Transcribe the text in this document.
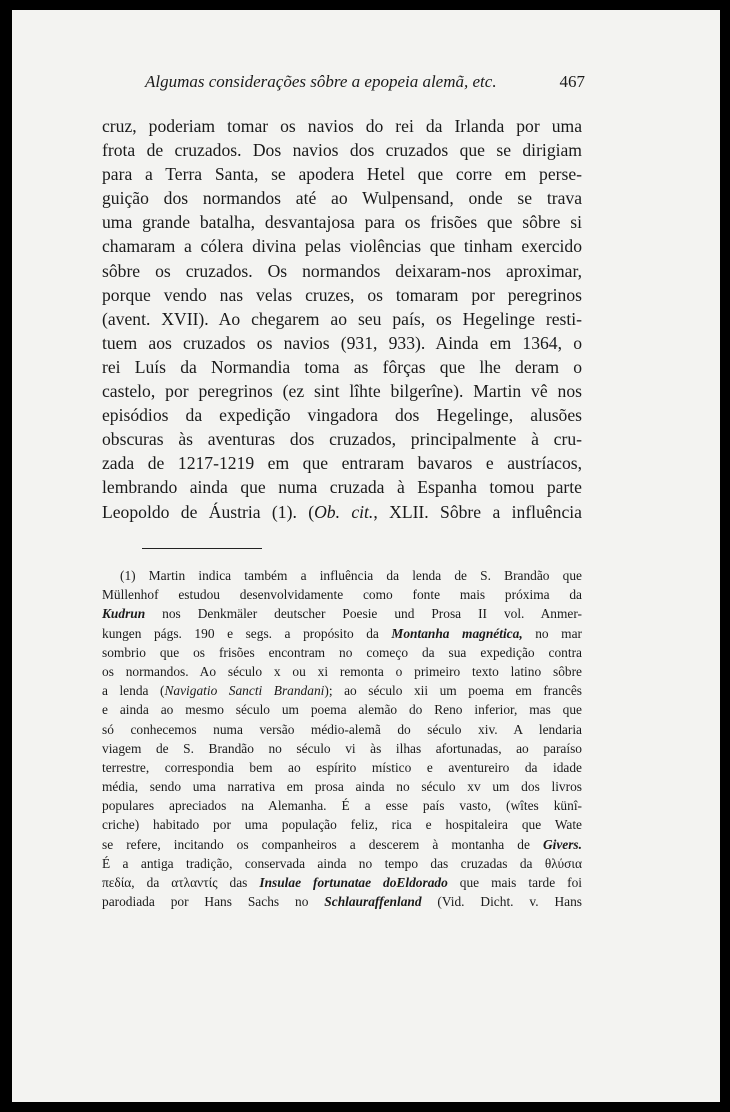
Algumas considerações sôbre a epopeia alemã, etc.	467
cruz, poderiam tomar os navios do rei da Irlanda por uma
frota de cruzados. Dos navios dos cruzados que se dirigiam
para a Terra Santa, se apodera Hetel que corre em perse-
guição dos normandos até ao Wulpensand, onde se trava
uma grande batalha, desvantajosa para os frisões que sôbre si
chamaram a cólera divina pelas violências que tinham exercido
sôbre os cruzados. Os normandos deixaram-nos aproximar,
porque vendo nas velas cruzes, os tomaram por peregrinos
(avent. XVII). Ao chegarem ao seu país, os Hegelinge resti-
tuem aos cruzados os navios (931, 933). Ainda em 1364, o
rei Luís da Normandia toma as fôrças que lhe deram o
castelo, por peregrinos (ez sint lîhte bilgerîne). Martin vê nos
episódios da expedição vingadora dos Hegelinge, alusões
obscuras às aventuras dos cruzados, principalmente à cru-
zada de 1217-1219 em que entraram bavaros e austríacos,
lembrando ainda que numa cruzada à Espanha tomou parte
Leopoldo de Áustria (1). (Ob. cit., XLII. Sôbre a influência
(1) Martin indica também a influência da lenda de S. Brandão que
Müllenhof estudou desenvolvidamente como fonte mais próxima da
Kudrun nos Denkmäler deutscher Poesie und Prosa II vol. Anmer-
kungen págs. 190 e segs. a propósito da Montanha magnética, no mar
sombrio que os frisões encontram no começo da sua expedição contra
os normandos. Ao século x ou xi remonta o primeiro texto latino sôbre
a lenda (Navigatio Sancti Brandani); ao século xii um poema em francês
e ainda ao mesmo século um poema alemão do Reno inferior, mas que
só conhecemos numa versão médio-alemã do século xiv. A lendaria
viagem de S. Brandão no século vi às ilhas afortunadas, ao paraíso
terrestre, correspondia bem ao espírito místico e aventureiro da idade
média, sendo uma narrativa em prosa ainda no século xv um dos livros
populares apreciados na Alemanha. É a esse país vasto, (wîtes künî-
criche) habitado por uma população feliz, rica e hospitaleira que Wate
se refere, incitando os companheiros a descerem à montanha de Givers.
É a antiga tradição, conservada ainda no tempo das cruzadas da θλύσια
πεδία, da ατλαντίς das Insulae fortunatae doEldorado que mais tarde foi
parodiada por Hans Sachs no Schlauraffenland (Vid. Dicht. v. Hans
